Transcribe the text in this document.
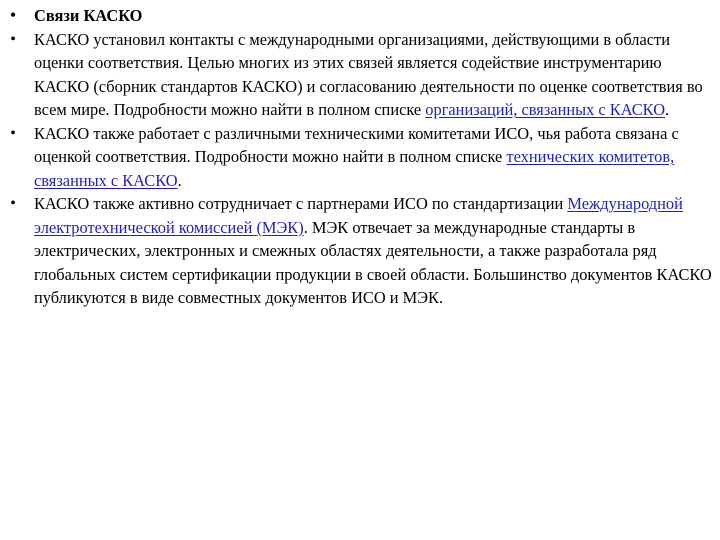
• Связи КАСКО
• КАСКО установил контакты с международными организациями, действующими в области оценки соответствия. Целью многих из этих связей является содействие инструментарию КАСКО (сборник стандартов КАСКО) и согласованию деятельности по оценке соответствия во всем мире. Подробности можно найти в полном списке организаций, связанных с КАСКО.
• КАСКО также работает с различными техническими комитетами ИСО, чья работа связана с оценкой соответствия. Подробности можно найти в полном списке технических комитетов, связанных с КАСКО.
• КАСКО также активно сотрудничает с партнерами ИСО по стандартизации Международной электротехнической комиссией (МЭК). МЭК отвечает за международные стандарты в электрических, электронных и смежных областях деятельности, а также разработала ряд глобальных систем сертификации продукции в своей области. Большинство документов КАСКО публикуются в виде совместных документов ИСО и МЭК.
